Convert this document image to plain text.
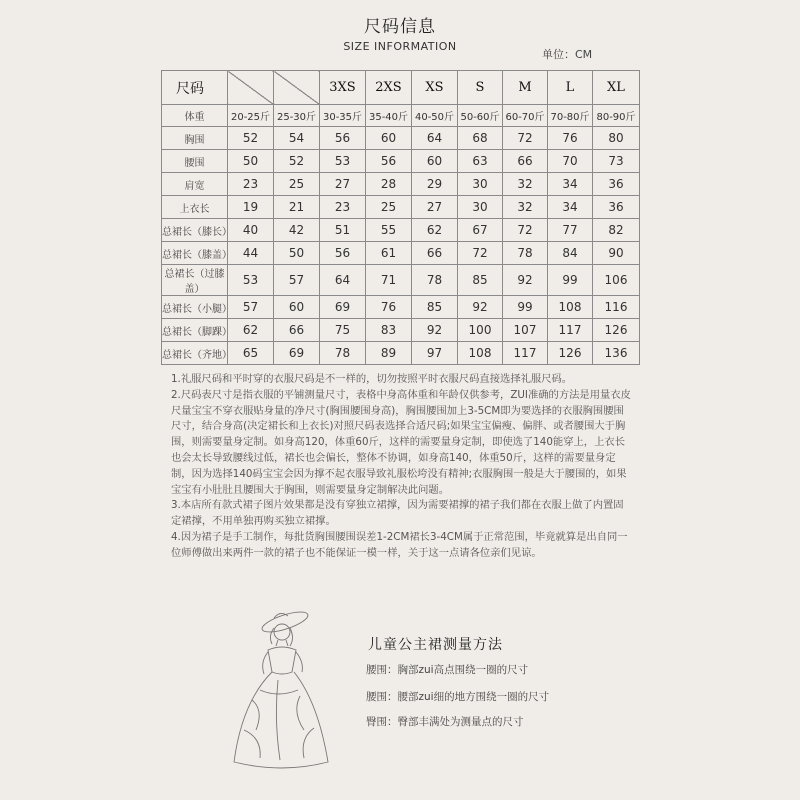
尺码信息
SIZE INFORMATION
单位：CM
尺码			3XS	2XS	XS	S	M	L	XL
体重	20-25斤	25-30斤	30-35斤	35-40斤	40-50斤	50-60斤	60-70斤	70-80斤	80-90斤
胸围	52	54	56	60	64	68	72	76	80
腰围	50	52	53	56	60	63	66	70	73
肩宽	23	25	27	28	29	30	32	34	36
上衣长	19	21	23	25	27	30	32	34	36
总裙长（膝长）	40	42	51	55	62	67	72	77	82
总裙长（膝盖）	44	50	56	61	66	72	78	84	90
总裙长（过膝盖）	53	57	64	71	78	85	92	99	106
总裙长（小腿）	57	60	69	76	85	92	99	108	116
总裙长（脚踝）	62	66	75	83	92	100	107	117	126
总裙长（齐地）	65	69	78	89	97	108	117	126	136

1.礼服尺码和平时穿的衣服尺码是不一样的，切勿按照平时衣服尺码直接选择礼服尺码。

2.尺码表尺寸是指衣服的平铺测量尺寸，表格中身高体重和年龄仅供参考，ZUI准确的方法是用量衣皮尺量宝宝不穿衣服贴身量的净尺寸(胸围腰围身高)，胸围腰围加上3-5CM即为要选择的衣服胸围腰围尺寸，结合身高(决定裙长和上衣长)对照尺码表选择合适尺码;如果宝宝偏瘦、偏胖、或者腰围大于胸围，则需要量身定制。如身高120，体重60斤，这样的需要量身定制，即使选了140能穿上，上衣长也会太长导致腰线过低，裙长也会偏长，整体不协调，如身高140，体重50斤，这样的需要量身定制，因为选择140码宝宝会因为撑不起衣服导致礼服松垮没有精神;衣服胸围一般是大于腰围的，如果宝宝有小肚肚且腰围大于胸围，则需要量身定制解决此问题。

3.本店所有款式裙子图片效果都是没有穿独立裙撑，因为需要裙撑的裙子我们都在衣服上做了内置固定裙撑，不用单独再购买独立裙撑。

4.因为裙子是手工制作，每批货胸围腰围误差1-2CM裙长3-4CM属于正常范围，毕竟就算是出自同一位师傅做出来两件一款的裙子也不能保证一模一样，关于这一点请各位亲们见谅。

儿童公主裙测量方法
腰围：胸部zui高点围绕一圈的尺寸
腰围：腰部zui细的地方围绕一圈的尺寸
臀围：臀部丰满处为测量点的尺寸
